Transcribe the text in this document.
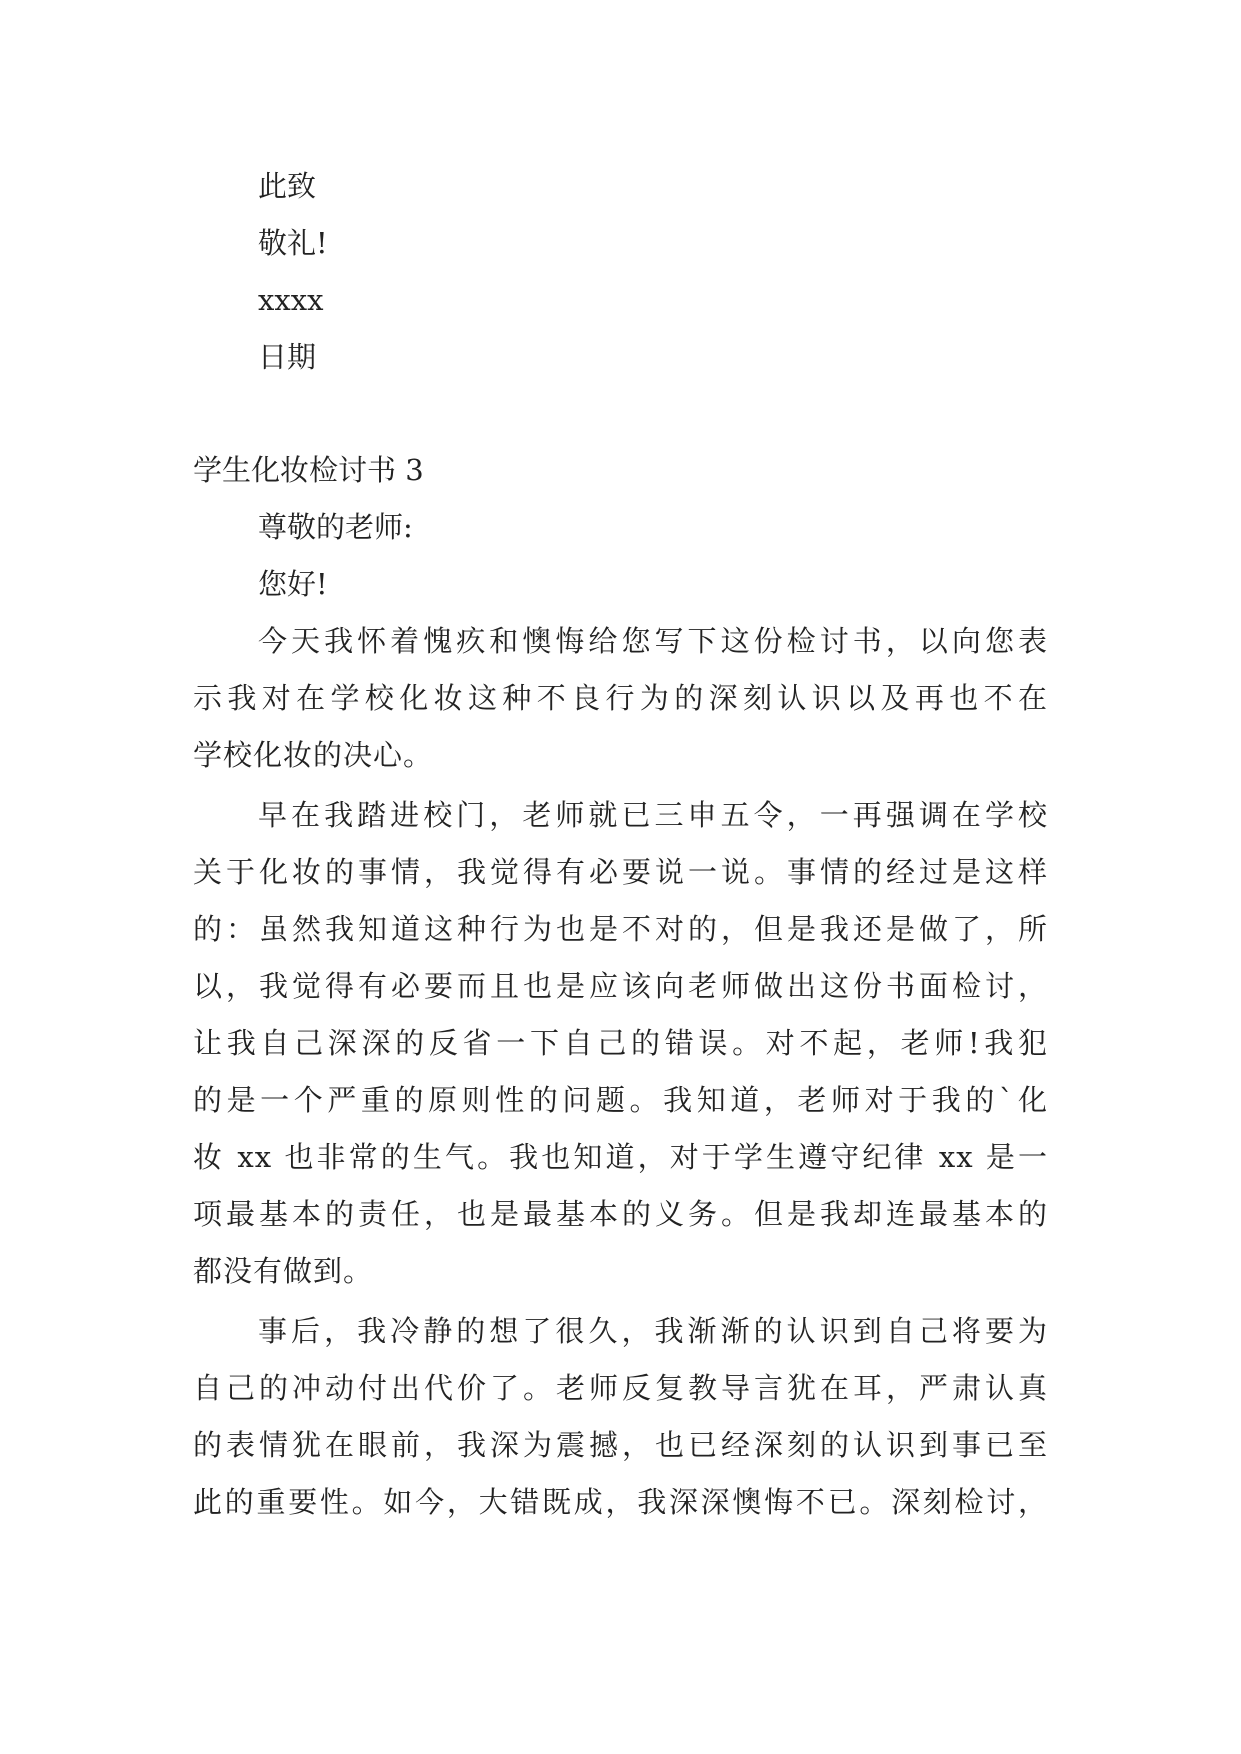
此致
敬礼!
xxxx
日期
学生化妆检讨书 3
尊敬的老师:
您好!
今天我怀着愧疚和懊悔给您写下这份检讨书，以向您表
示我对在学校化妆这种不良行为的深刻认识以及再也不在
学校化妆的决心。
早在我踏进校门，老师就已三申五令，一再强调在学校
关于化妆的事情，我觉得有必要说一说。事情的经过是这样
的：虽然我知道这种行为也是不对的，但是我还是做了，所
以，我觉得有必要而且也是应该向老师做出这份书面检讨，
让我自己深深的反省一下自己的错误。对不起，老师!我犯
的是一个严重的原则性的问题。我知道，老师对于我的`化
妆 xx 也非常的生气。我也知道，对于学生遵守纪律 xx 是一
项最基本的责任，也是最基本的义务。但是我却连最基本的
都没有做到。
事后，我冷静的想了很久，我渐渐的认识到自己将要为
自己的冲动付出代价了。老师反复教导言犹在耳，严肃认真
的表情犹在眼前，我深为震撼，也已经深刻的认识到事已至
此的重要性。如今，大错既成，我深深懊悔不已。深刻检讨，
